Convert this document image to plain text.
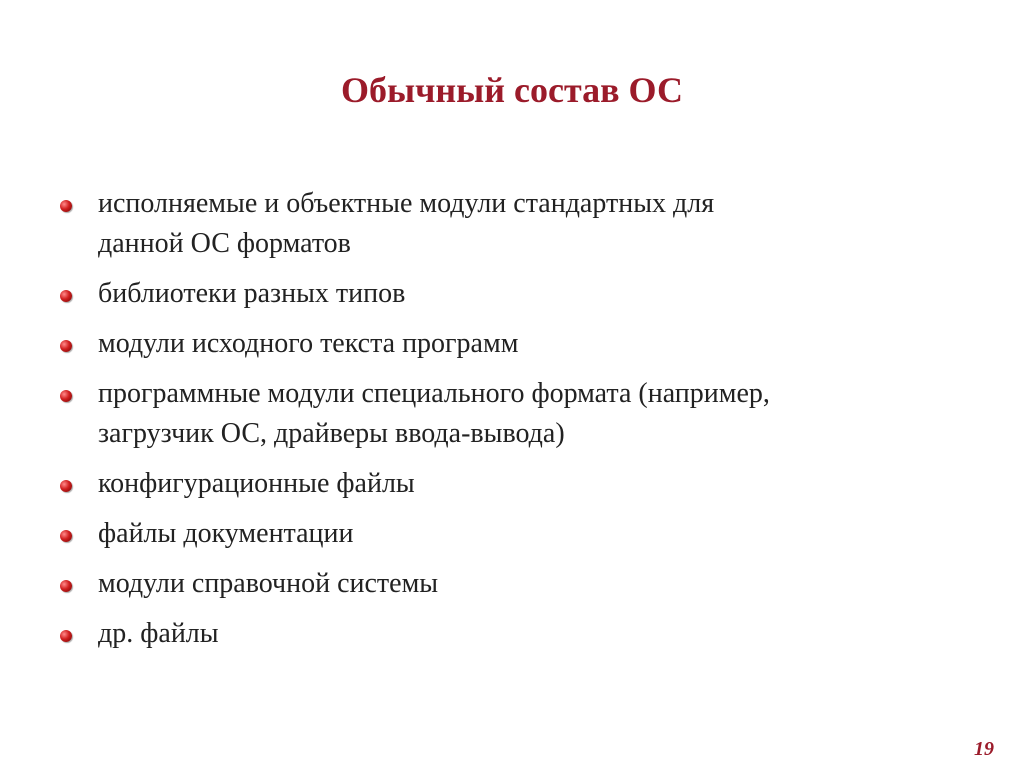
Обычный состав ОС
исполняемые и объектные модули стандартных для
данной ОС форматов
библиотеки разных типов
модули исходного текста программ
программные модули специального формата (например,
загрузчик ОС, драйверы ввода-вывода)
конфигурационные файлы
файлы документации
модули справочной системы
др. файлы
19
